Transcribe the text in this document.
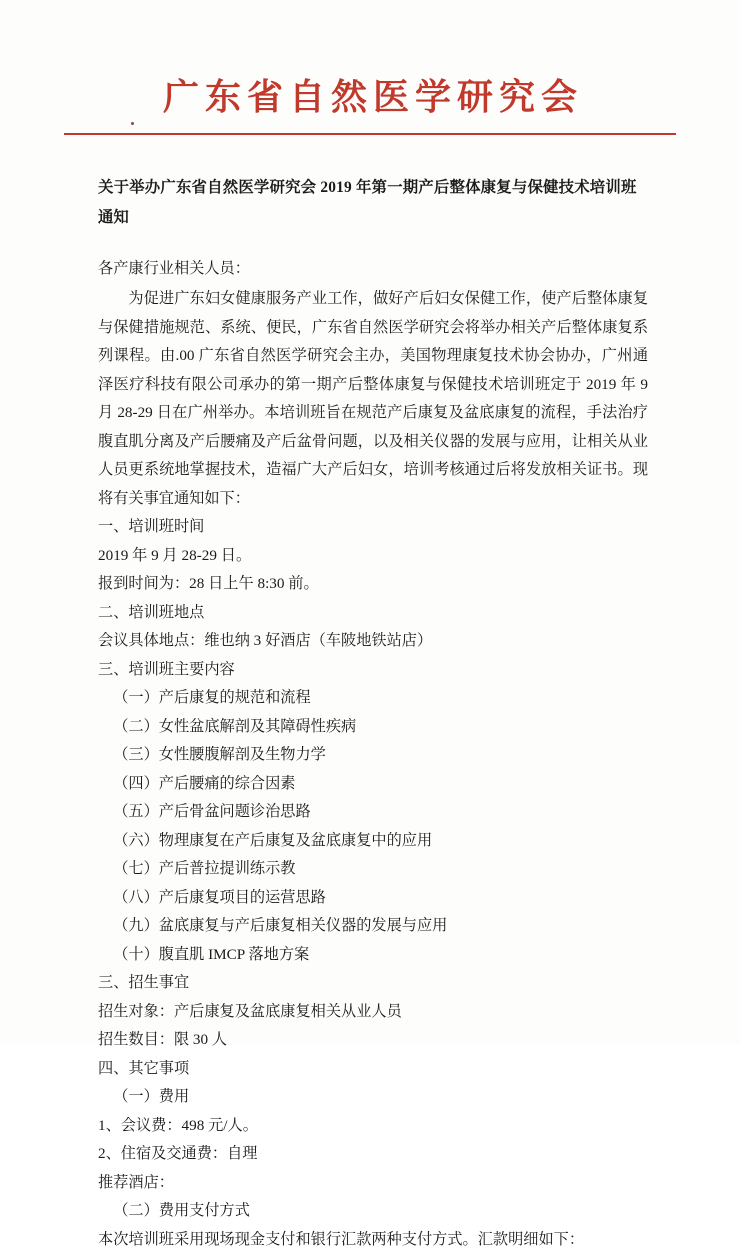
广东省自然医学研究会
关于举办广东省自然医学研究会 2019 年第一期产后整体康复与保健技术培训班
通知
各产康行业相关人员：

为促进广东妇女健康服务产业工作，做好产后妇女保健工作，使产后整体康复与保健措施规范、系统、便民，广东省自然医学研究会将举办相关产后整体康复系列课程。由.00 广东省自然医学研究会主办，美国物理康复技术协会协办，广州通泽医疗科技有限公司承办的第一期产后整体康复与保健技术培训班定于 2019 年 9 月 28-29 日在广州举办。本培训班旨在规范产后康复及盆底康复的流程，手法治疗腹直肌分离及产后腰痛及产后盆骨问题，以及相关仪器的发展与应用，让相关从业人员更系统地掌握技术，造福广大产后妇女，培训考核通过后将发放相关证书。现将有关事宜通知如下：

一、培训班时间
2019 年 9 月 28-29 日。
报到时间为：28 日上午 8:30 前。
二、培训班地点
会议具体地点：维也纳 3 好酒店（车陂地铁站店）
三、培训班主要内容
（一）产后康复的规范和流程
（二）女性盆底解剖及其障碍性疾病
（三）女性腰腹解剖及生物力学
（四）产后腰痛的综合因素
（五）产后骨盆问题诊治思路
（六）物理康复在产后康复及盆底康复中的应用
（七）产后普拉提训练示教
（八）产后康复项目的运营思路
（九）盆底康复与产后康复相关仪器的发展与应用
（十）腹直肌 IMCP 落地方案
三、招生事宜
招生对象：产后康复及盆底康复相关从业人员
招生数目：限 30 人
四、其它事项
（一）费用
1、会议费：498 元/人。
2、住宿及交通费：自理
推荐酒店：
（二）费用支付方式
本次培训班采用现场现金支付和银行汇款两种支付方式。汇款明细如下：
